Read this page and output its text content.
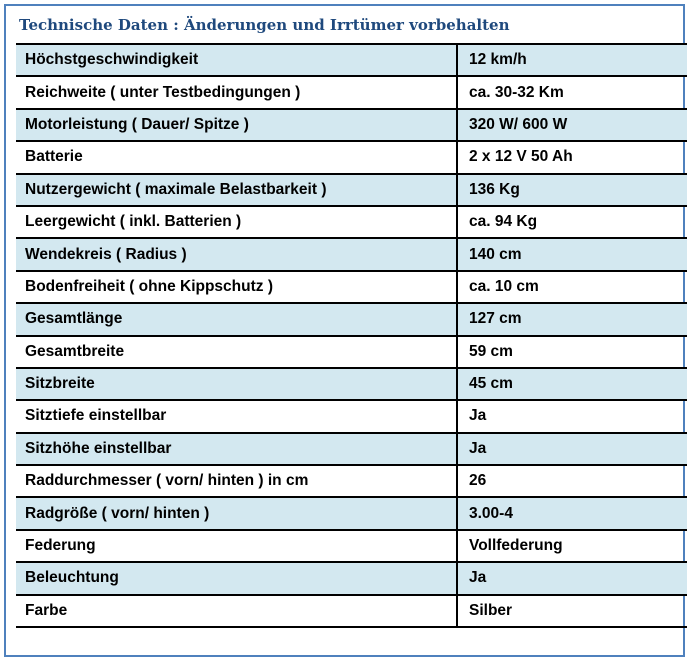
Technische Daten : Änderungen und Irrtümer vorbehalten
Höchstgeschwindigkeit	12 km/h
Reichweite ( unter Testbedingungen )	ca. 30-32 Km
Motorleistung ( Dauer/ Spitze )	320 W/ 600 W
Batterie	2 x 12 V 50 Ah
Nutzergewicht ( maximale Belastbarkeit )	136 Kg
Leergewicht ( inkl. Batterien )	ca. 94 Kg
Wendekreis ( Radius )	140 cm
Bodenfreiheit ( ohne Kippschutz )	ca. 10 cm
Gesamtlänge	127 cm
Gesamtbreite	59 cm
Sitzbreite	45 cm
Sitztiefe einstellbar	Ja
Sitzhöhe einstellbar	Ja
Raddurchmesser ( vorn/ hinten ) in cm	26
Radgröße ( vorn/ hinten )	3.00-4
Federung	Vollfederung
Beleuchtung	Ja
Farbe	Silber
